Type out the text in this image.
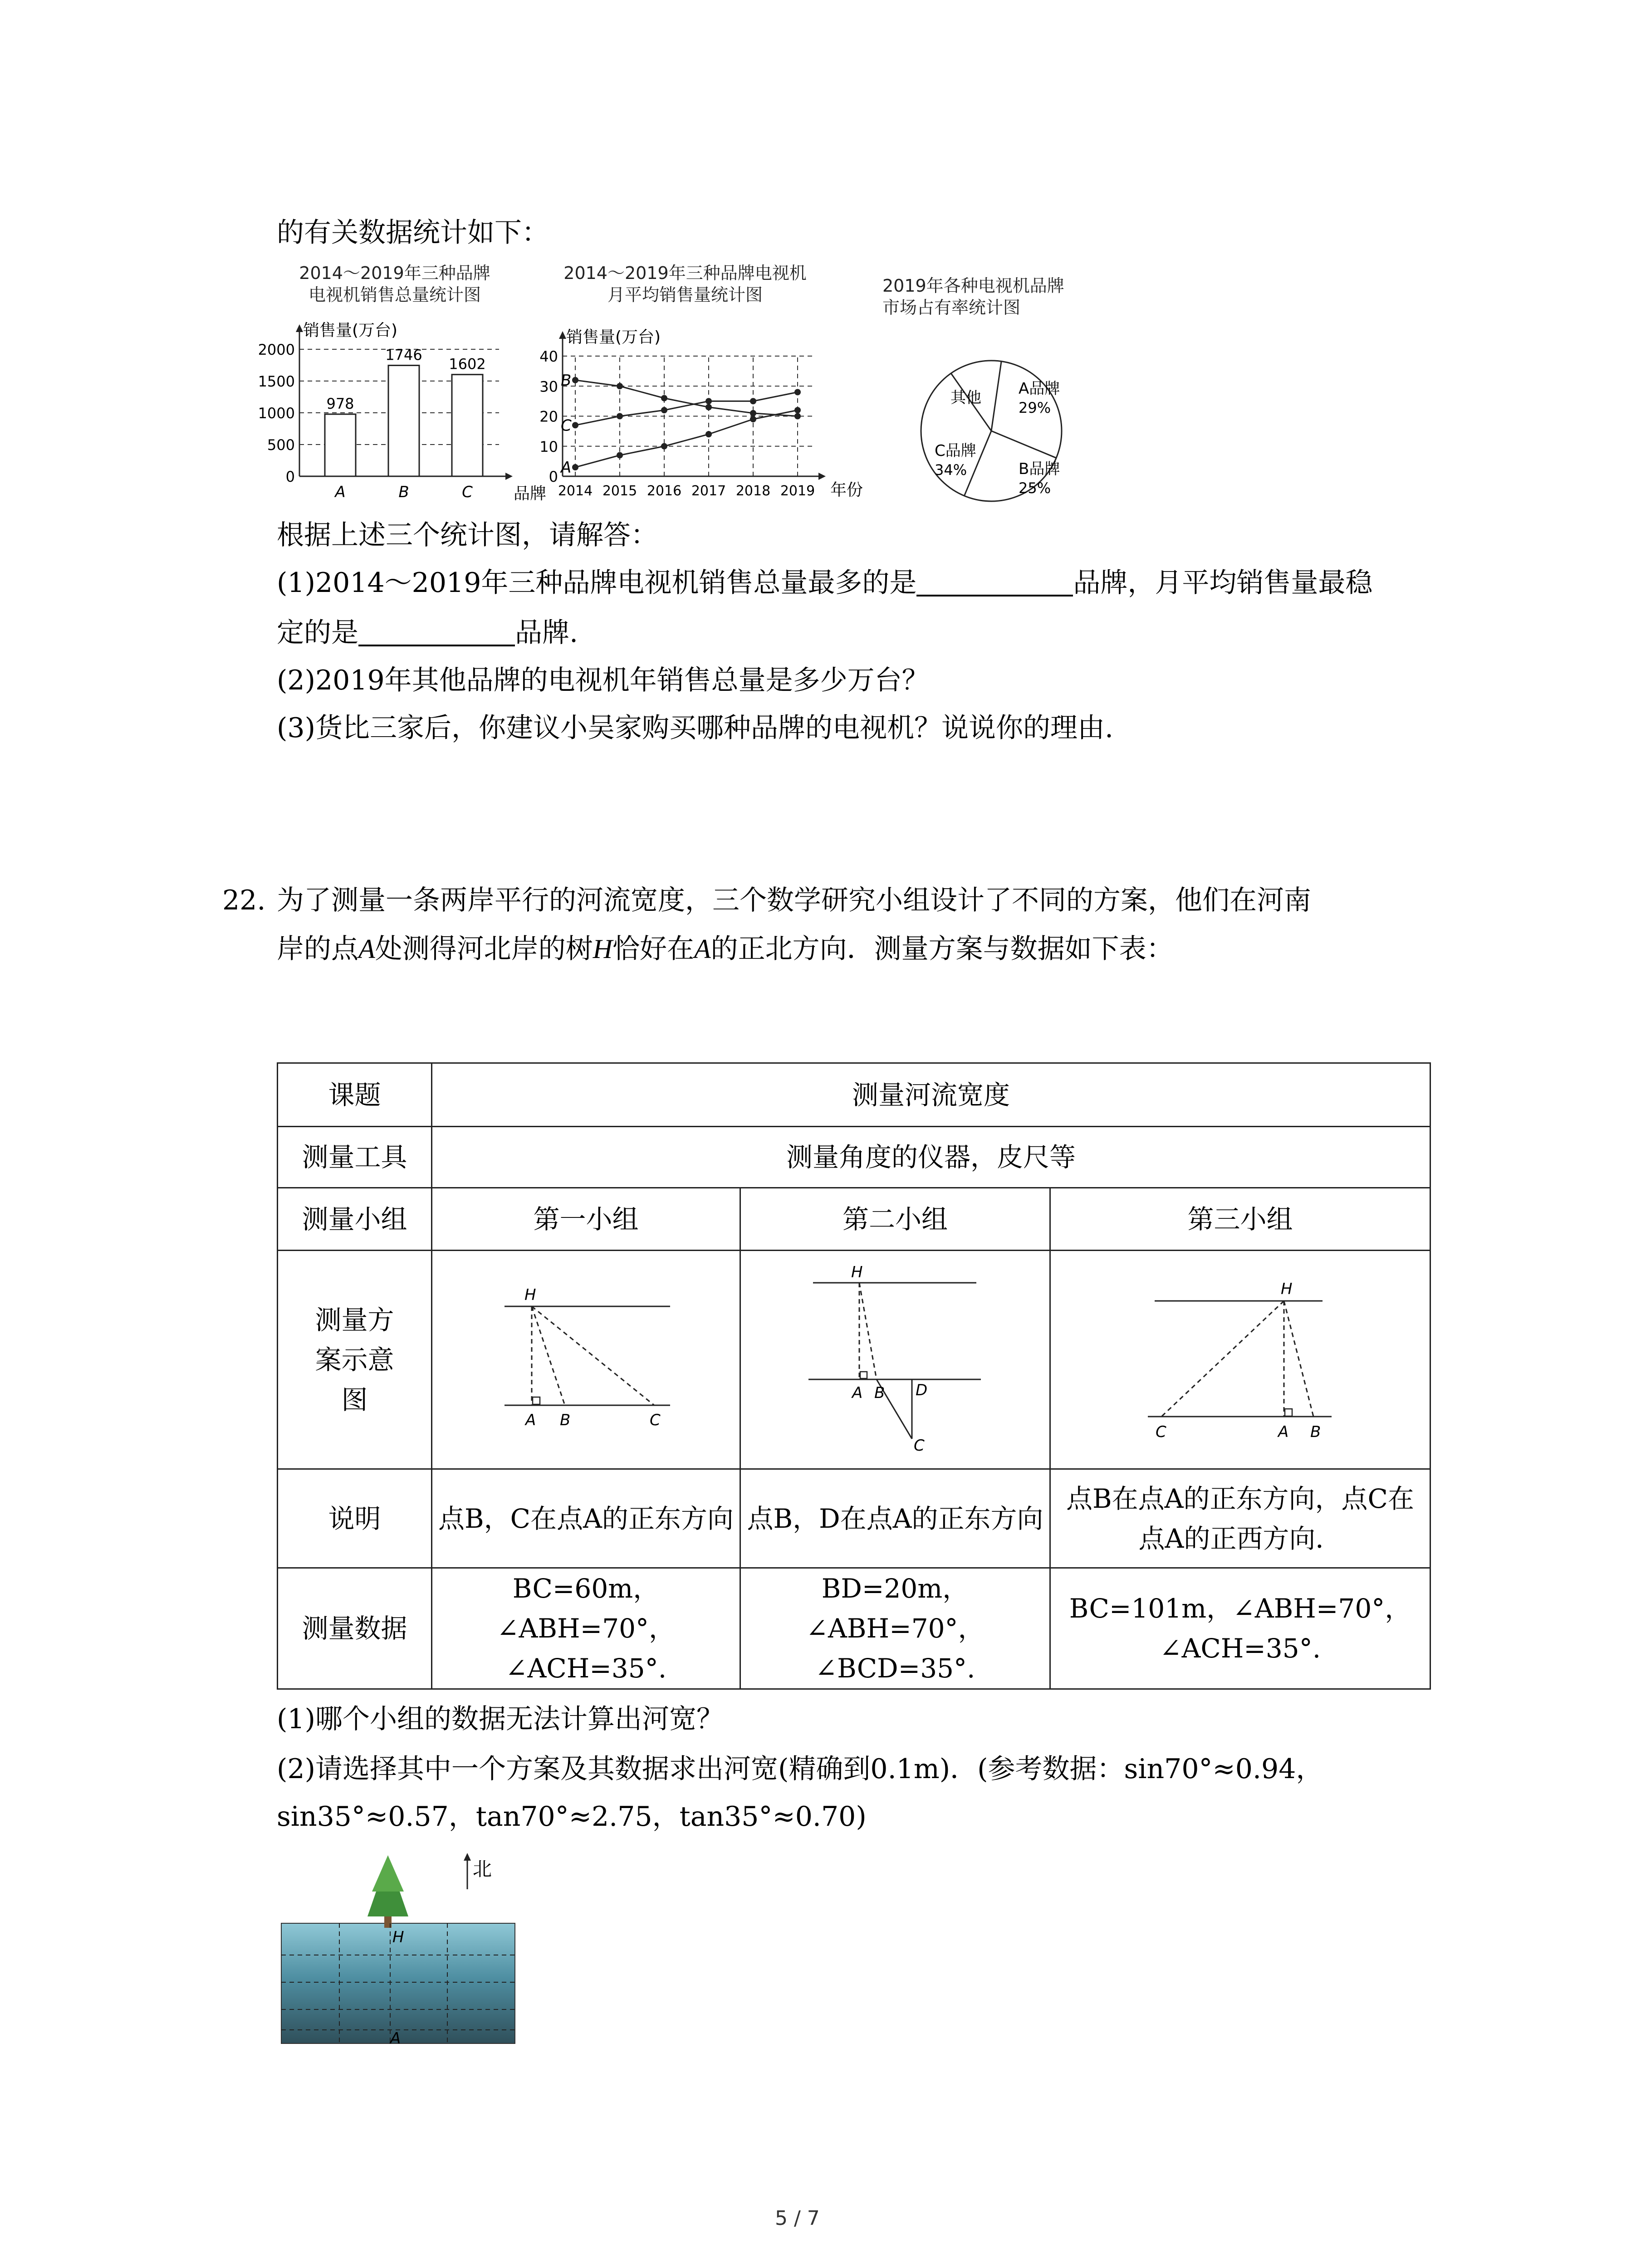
的有关数据统计如下：
2014～2019年三种品牌
电视机销售总量统计图
0
500
1000
1500
2000
销售量(万台)
品牌
978
A
1746
B
1602
C
2014～2019年三种品牌电视机
月平均销售量统计图
0
10
20
30
40
2014 2015 2016 2017 2018 2019
销售量(万台)
年份
A
B
C
2019年各种电视机品牌
市场占有率统计图
其他 A品牌
29%
B品牌
25%
C品牌
34%
根据上述三个统计图，请解答：
(1)2014～2019年三种品牌电视机销售总量最多的是	品牌，月平均销售量最稳
定的是	品牌.
(2)2019年其他品牌的电视机年销售总量是多少万台？
(3)货比三家后，你建议小吴家购买哪种品牌的电视机？说说你的理由.
22. 为了测量一条两岸平行的河流宽度，三个数学研究小组设计了不同的方案，他们在河南
岸的点A处测得河北岸的树H恰好在A的正北方向．测量方案与数据如下表：
课题	测量河流宽度		
测量工具	测量角度的仪器，皮尺等		
测量小组	第一小组	第二小组	第三小组

测量方案示意图	H
A B C	H
A B D
C	H
C A B

说明	点B，C在点A的正东方向	点B，D在点A的正东方向	点B在点A的正东方向，点C在点A的正西方向．
测量数据	BC=60m，∠ABH=70°，∠ACH=35°.	BD=20m，∠ABH=70°，∠BCD=35°.	BC=101m，∠ABH=70°，∠ACH=35°.
(1)哪个小组的数据无法计算出河宽？
(2)请选择其中一个方案及其数据求出河宽(精确到0.1m)．(参考数据：sin70°≈0.94，
sin35°≈0.57，tan70°≈2.75，tan35°≈0.70)
H
A
北
5 / 7
